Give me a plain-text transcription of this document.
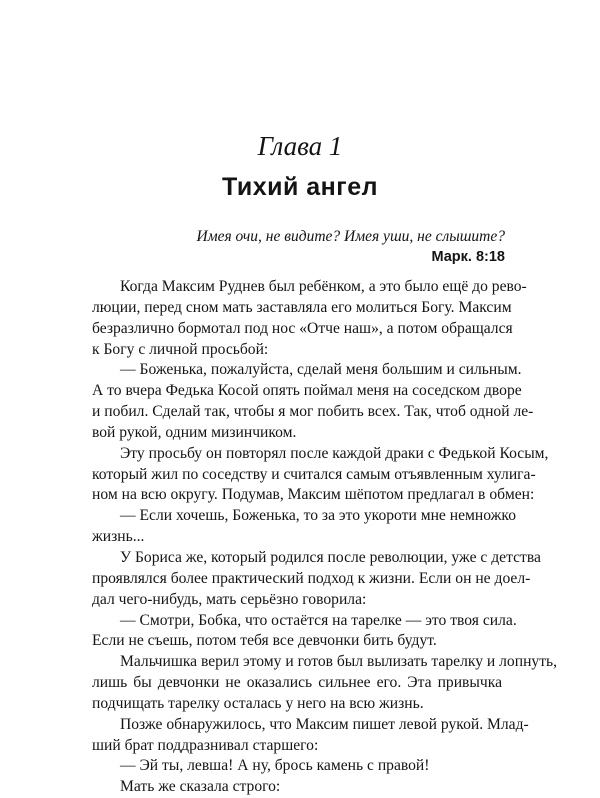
Глава 1
Тихий ангел
Имея очи, не видите? Имея уши, не слышите?
Марк. 8:18
Когда Максим Руднев был ребёнком, а это было ещё до рево-
люции, перед сном мать заставляла его молиться Богу. Максим
безразлично бормотал под нос «Отче наш», а потом обращался
к Богу с личной просьбой:
— Боженька, пожалуйста, сделай меня большим и сильным.
А то вчера Федька Косой опять поймал меня на соседском дворе
и побил. Сделай так, чтобы я мог побить всех. Так, чтоб одной ле-
вой рукой, одним мизинчиком.
Эту просьбу он повторял после каждой драки с Федькой Косым,
который жил по соседству и считался самым отъявленным хулига-
ном на всю округу. Подумав, Максим шёпотом предлагал в обмен:
— Если хочешь, Боженька, то за это укороти мне немножко
жизнь...
У Бориса же, который родился после революции, уже с детства
проявлялся более практический подход к жизни. Если он не доел-
дал чего-нибудь, мать серьёзно говорила:
— Смотри, Бобка, что остаётся на тарелке — это твоя сила.
Если не съешь, потом тебя все девчонки бить будут.
Мальчишка верил этому и готов был вылизать тарелку и лопнуть,
лишь бы девчонки не оказались сильнее его. Эта привычка
подчищать тарелку осталась у него на всю жизнь.
Позже обнаружилось, что Максим пишет левой рукой. Млад-
ший брат поддразнивал старшего:
— Эй ты, левша! А ну, брось камень с правой!
Мать же сказала строго:
